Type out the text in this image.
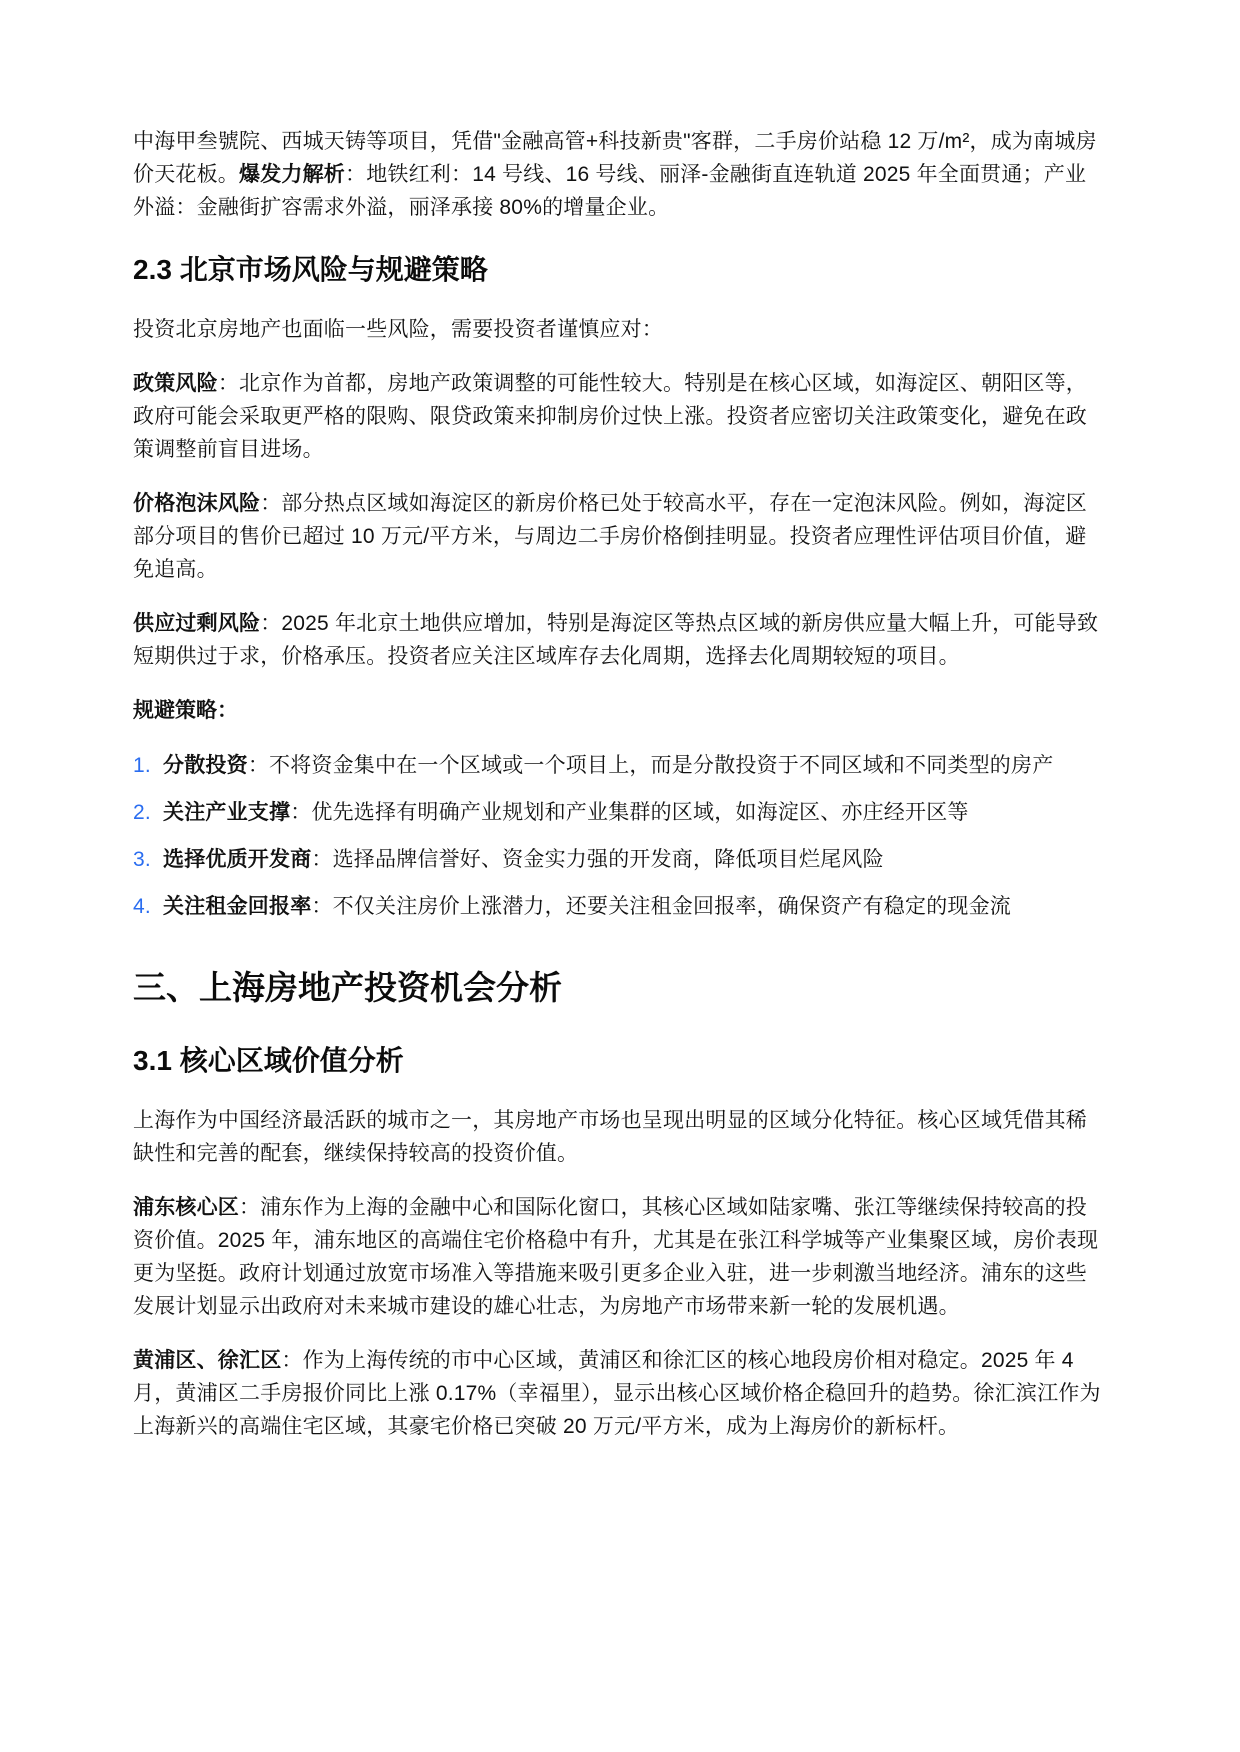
中海甲叁號院、西城天铸等项目，凭借"金融高管+科技新贵"客群，二手房价站稳 12 万/m²，成为南城房价天花板。爆发力解析：地铁红利：14 号线、16 号线、丽泽-金融街直连轨道 2025 年全面贯通；产业外溢：金融街扩容需求外溢，丽泽承接 80%的增量企业。

2.3 北京市场风险与规避策略

投资北京房地产也面临一些风险，需要投资者谨慎应对：

政策风险：北京作为首都，房地产政策调整的可能性较大。特别是在核心区域，如海淀区、朝阳区等，政府可能会采取更严格的限购、限贷政策来抑制房价过快上涨。投资者应密切关注政策变化，避免在政策调整前盲目进场。

价格泡沫风险：部分热点区域如海淀区的新房价格已处于较高水平，存在一定泡沫风险。例如，海淀区部分项目的售价已超过 10 万元/平方米，与周边二手房价格倒挂明显。投资者应理性评估项目价值，避免追高。

供应过剩风险：2025 年北京土地供应增加，特别是海淀区等热点区域的新房供应量大幅上升，可能导致短期供过于求，价格承压。投资者应关注区域库存去化周期，选择去化周期较短的项目。

规避策略：

1. 分散投资：不将资金集中在一个区域或一个项目上，而是分散投资于不同区域和不同类型的房产
2. 关注产业支撑：优先选择有明确产业规划和产业集群的区域，如海淀区、亦庄经开区等
3. 选择优质开发商：选择品牌信誉好、资金实力强的开发商，降低项目烂尾风险
4. 关注租金回报率：不仅关注房价上涨潜力，还要关注租金回报率，确保资产有稳定的现金流
三、上海房地产投资机会分析
3.1 核心区域价值分析

上海作为中国经济最活跃的城市之一，其房地产市场也呈现出明显的区域分化特征。核心区域凭借其稀缺性和完善的配套，继续保持较高的投资价值。

浦东核心区：浦东作为上海的金融中心和国际化窗口，其核心区域如陆家嘴、张江等继续保持较高的投资价值。2025 年，浦东地区的高端住宅价格稳中有升，尤其是在张江科学城等产业集聚区域，房价表现更为坚挺。政府计划通过放宽市场准入等措施来吸引更多企业入驻，进一步刺激当地经济。浦东的这些发展计划显示出政府对未来城市建设的雄心壮志，为房地产市场带来新一轮的发展机遇。

黄浦区、徐汇区：作为上海传统的市中心区域，黄浦区和徐汇区的核心地段房价相对稳定。2025 年 4 月，黄浦区二手房报价同比上涨 0.17%（幸福里），显示出核心区域价格企稳回升的趋势。徐汇滨江作为上海新兴的高端住宅区域，其豪宅价格已突破 20 万元/平方米，成为上海房价的新标杆。
